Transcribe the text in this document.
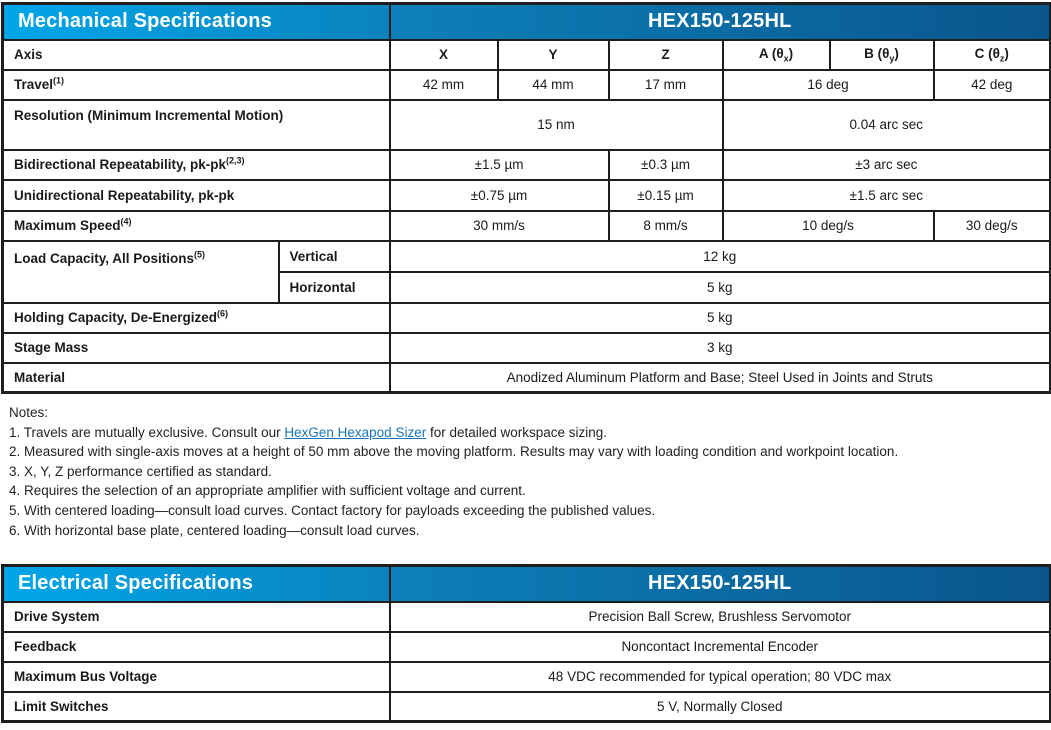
Mechanical Specifications		HEX150-125HL					
Axis		X	Y	Z	A $(\theta_x)$	B $(\theta_y)$	C $(\theta_z)$
Travel$^{(1)}$		42 mm	44 mm	17 mm	16 deg		42 deg
Resolution (Minimum Incremental Motion)		15 nm			0.04 arc sec		
Bidirectional Repeatability, pk-pk$^{(2,3)}$		±1.5 µm		±0.3 µm	±3 arc sec		
Unidirectional Repeatability, pk-pk		±0.75 µm		±0.15 µm	±1.5 arc sec		
Maximum Speed$^{(4)}$		30 mm/s		8 mm/s	10 deg/s		30 deg/s
Load Capacity, All Positions$^{(5)}$	Vertical	12 kg					
	Horizontal	5 kg					
Holding Capacity, De-Energized$^{(6)}$		5 kg					
Stage Mass		3 kg					
Material		Anodized Aluminum Platform and Base; Steel Used in Joints and Struts					
Notes:
1. Travels are mutually exclusive. Consult our HexGen Hexapod Sizer for detailed workspace sizing.
2. Measured with single-axis moves at a height of 50 mm above the moving platform. Results may vary with loading condition and workpoint location.
3. X, Y, Z performance certified as standard.
4. Requires the selection of an appropriate amplifier with sufficient voltage and current.
5. With centered loading—consult load curves. Contact factory for payloads exceeding the published values.
6. With horizontal base plate, centered loading—consult load curves.
Electrical Specifications	HEX150-125HL
Drive System	Precision Ball Screw, Brushless Servomotor
Feedback	Noncontact Incremental Encoder
Maximum Bus Voltage	48 VDC recommended for typical operation; 80 VDC max
Limit Switches	5 V, Normally Closed
